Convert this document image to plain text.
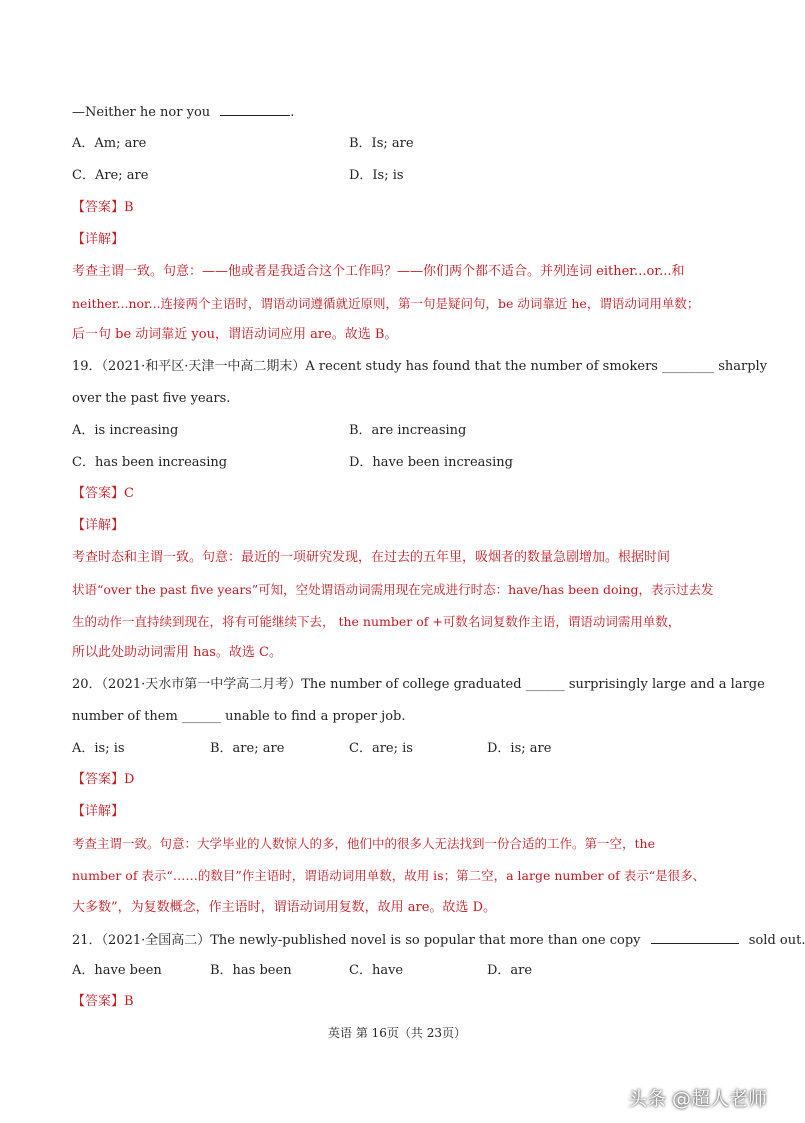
—Neither he nor you	.
A．Am; are	B．Is; are
C．Are; are	D．Is; is
【答案】B
【详解】
考查主谓一致。句意：——他或者是我适合这个工作吗？——你们两个都不适合。并列连词 either...or...和
neither...nor...连接两个主语时，谓语动词遵循就近原则，第一句是疑问句，be 动词靠近 he，谓语动词用单数；
后一句 be 动词靠近 you，谓语动词应用 are。故选 B。
19．（2021·和平区·天津一中高二期末）A recent study has found that the number of smokers ________ sharply
over the past five years.
A．is increasing	B．are increasing
C．has been increasing	D．have been increasing
【答案】C
【详解】
考查时态和主谓一致。句意：最近的一项研究发现，在过去的五年里，吸烟者的数量急剧增加。根据时间
状语“over the past five years”可知，空处谓语动词需用现在完成进行时态：have/has been doing，表示过去发
生的动作一直持续到现在，将有可能继续下去， the number of +可数名词复数作主语，谓语动词需用单数，
所以此处助动词需用 has。故选 C。
20．（2021·天水市第一中学高二月考）The number of college graduated ______ surprisingly large and a large
number of them ______ unable to find a proper job.
A．is; is	B．are; are	C．are; is	D．is; are
【答案】D
【详解】
考查主谓一致。句意：大学毕业的人数惊人的多，他们中的很多人无法找到一份合适的工作。第一空，the
number of 表示“……的数目”作主语时，谓语动词用单数，故用 is；第二空，a large number of 表示“是很多、
大多数”，为复数概念，作主语时，谓语动词用复数，故用 are。故选 D。
21．（2021·全国高二）The newly-published novel is so popular that more than one copy	sold out.
A．have been	B．has been	C．have	D．are
【答案】B
英语 第 16页（共 23页）
头条 @超人老师
